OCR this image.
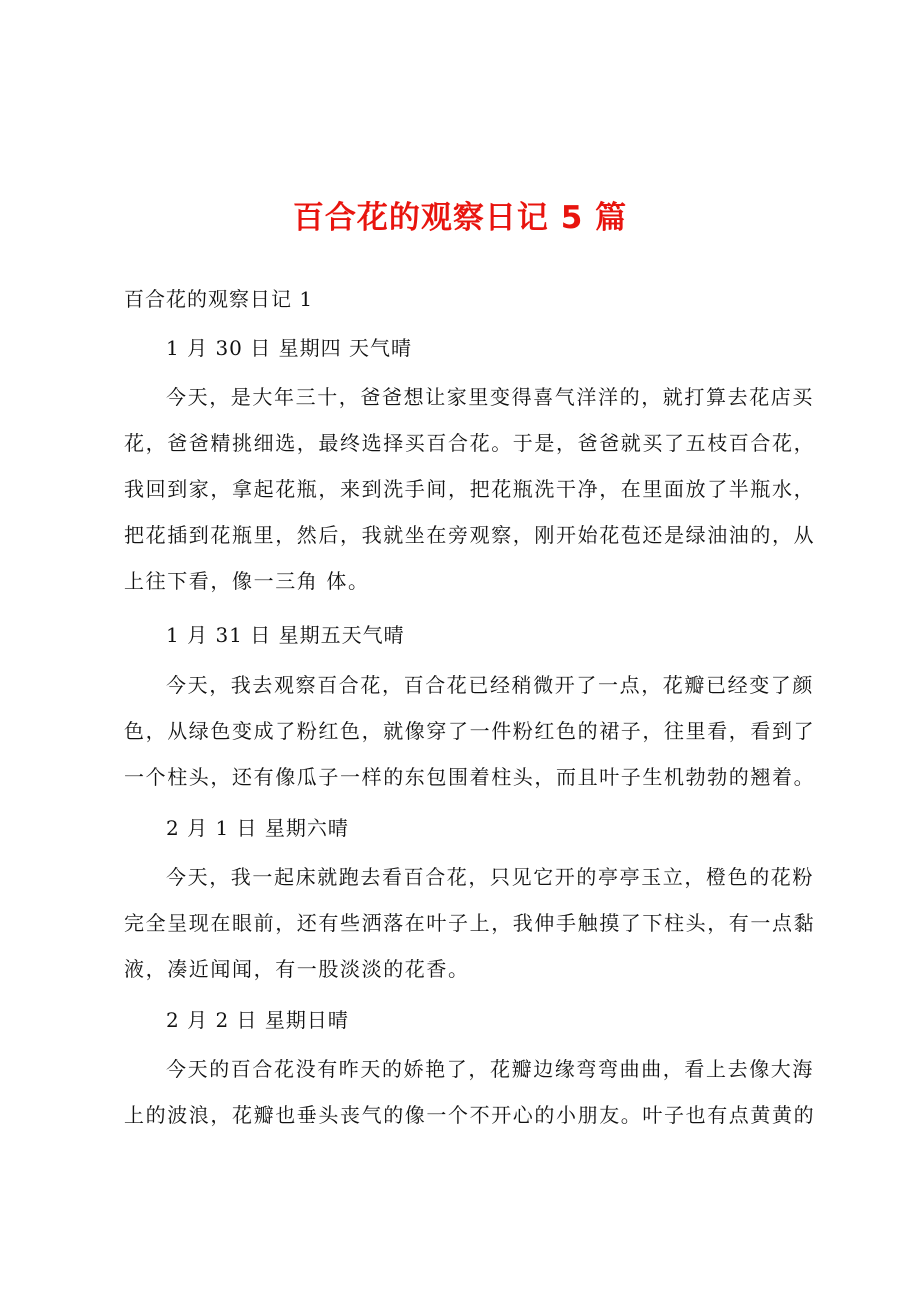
百合花的观察日记 5 篇

百合花的观察日记 1

1 月 30 日 星期四 天气晴

今天，是大年三十，爸爸想让家里变得喜气洋洋的，就打算去花店买
花，爸爸精挑细选，最终选择买百合花。于是，爸爸就买了五枝百合花，
我回到家，拿起花瓶，来到洗手间，把花瓶洗干净，在里面放了半瓶水，
把花插到花瓶里，然后，我就坐在旁观察，刚开始花苞还是绿油油的，从
上往下看，像一三角 体。

1 月 31 日 星期五天气晴

今天，我去观察百合花，百合花已经稍微开了一点，花瓣已经变了颜
色，从绿色变成了粉红色，就像穿了一件粉红色的裙子，往里看，看到了
一个柱头，还有像瓜子一样的东包围着柱头，而且叶子生机勃勃的翘着。

2 月 1 日 星期六晴

今天，我一起床就跑去看百合花，只见它开的亭亭玉立，橙色的花粉
完全呈现在眼前，还有些洒落在叶子上，我伸手触摸了下柱头，有一点黏
液，凑近闻闻，有一股淡淡的花香。

2 月 2 日 星期日晴

今天的百合花没有昨天的娇艳了，花瓣边缘弯弯曲曲，看上去像大海
上的波浪，花瓣也垂头丧气的像一个不开心的小朋友。叶子也有点黄黄的
